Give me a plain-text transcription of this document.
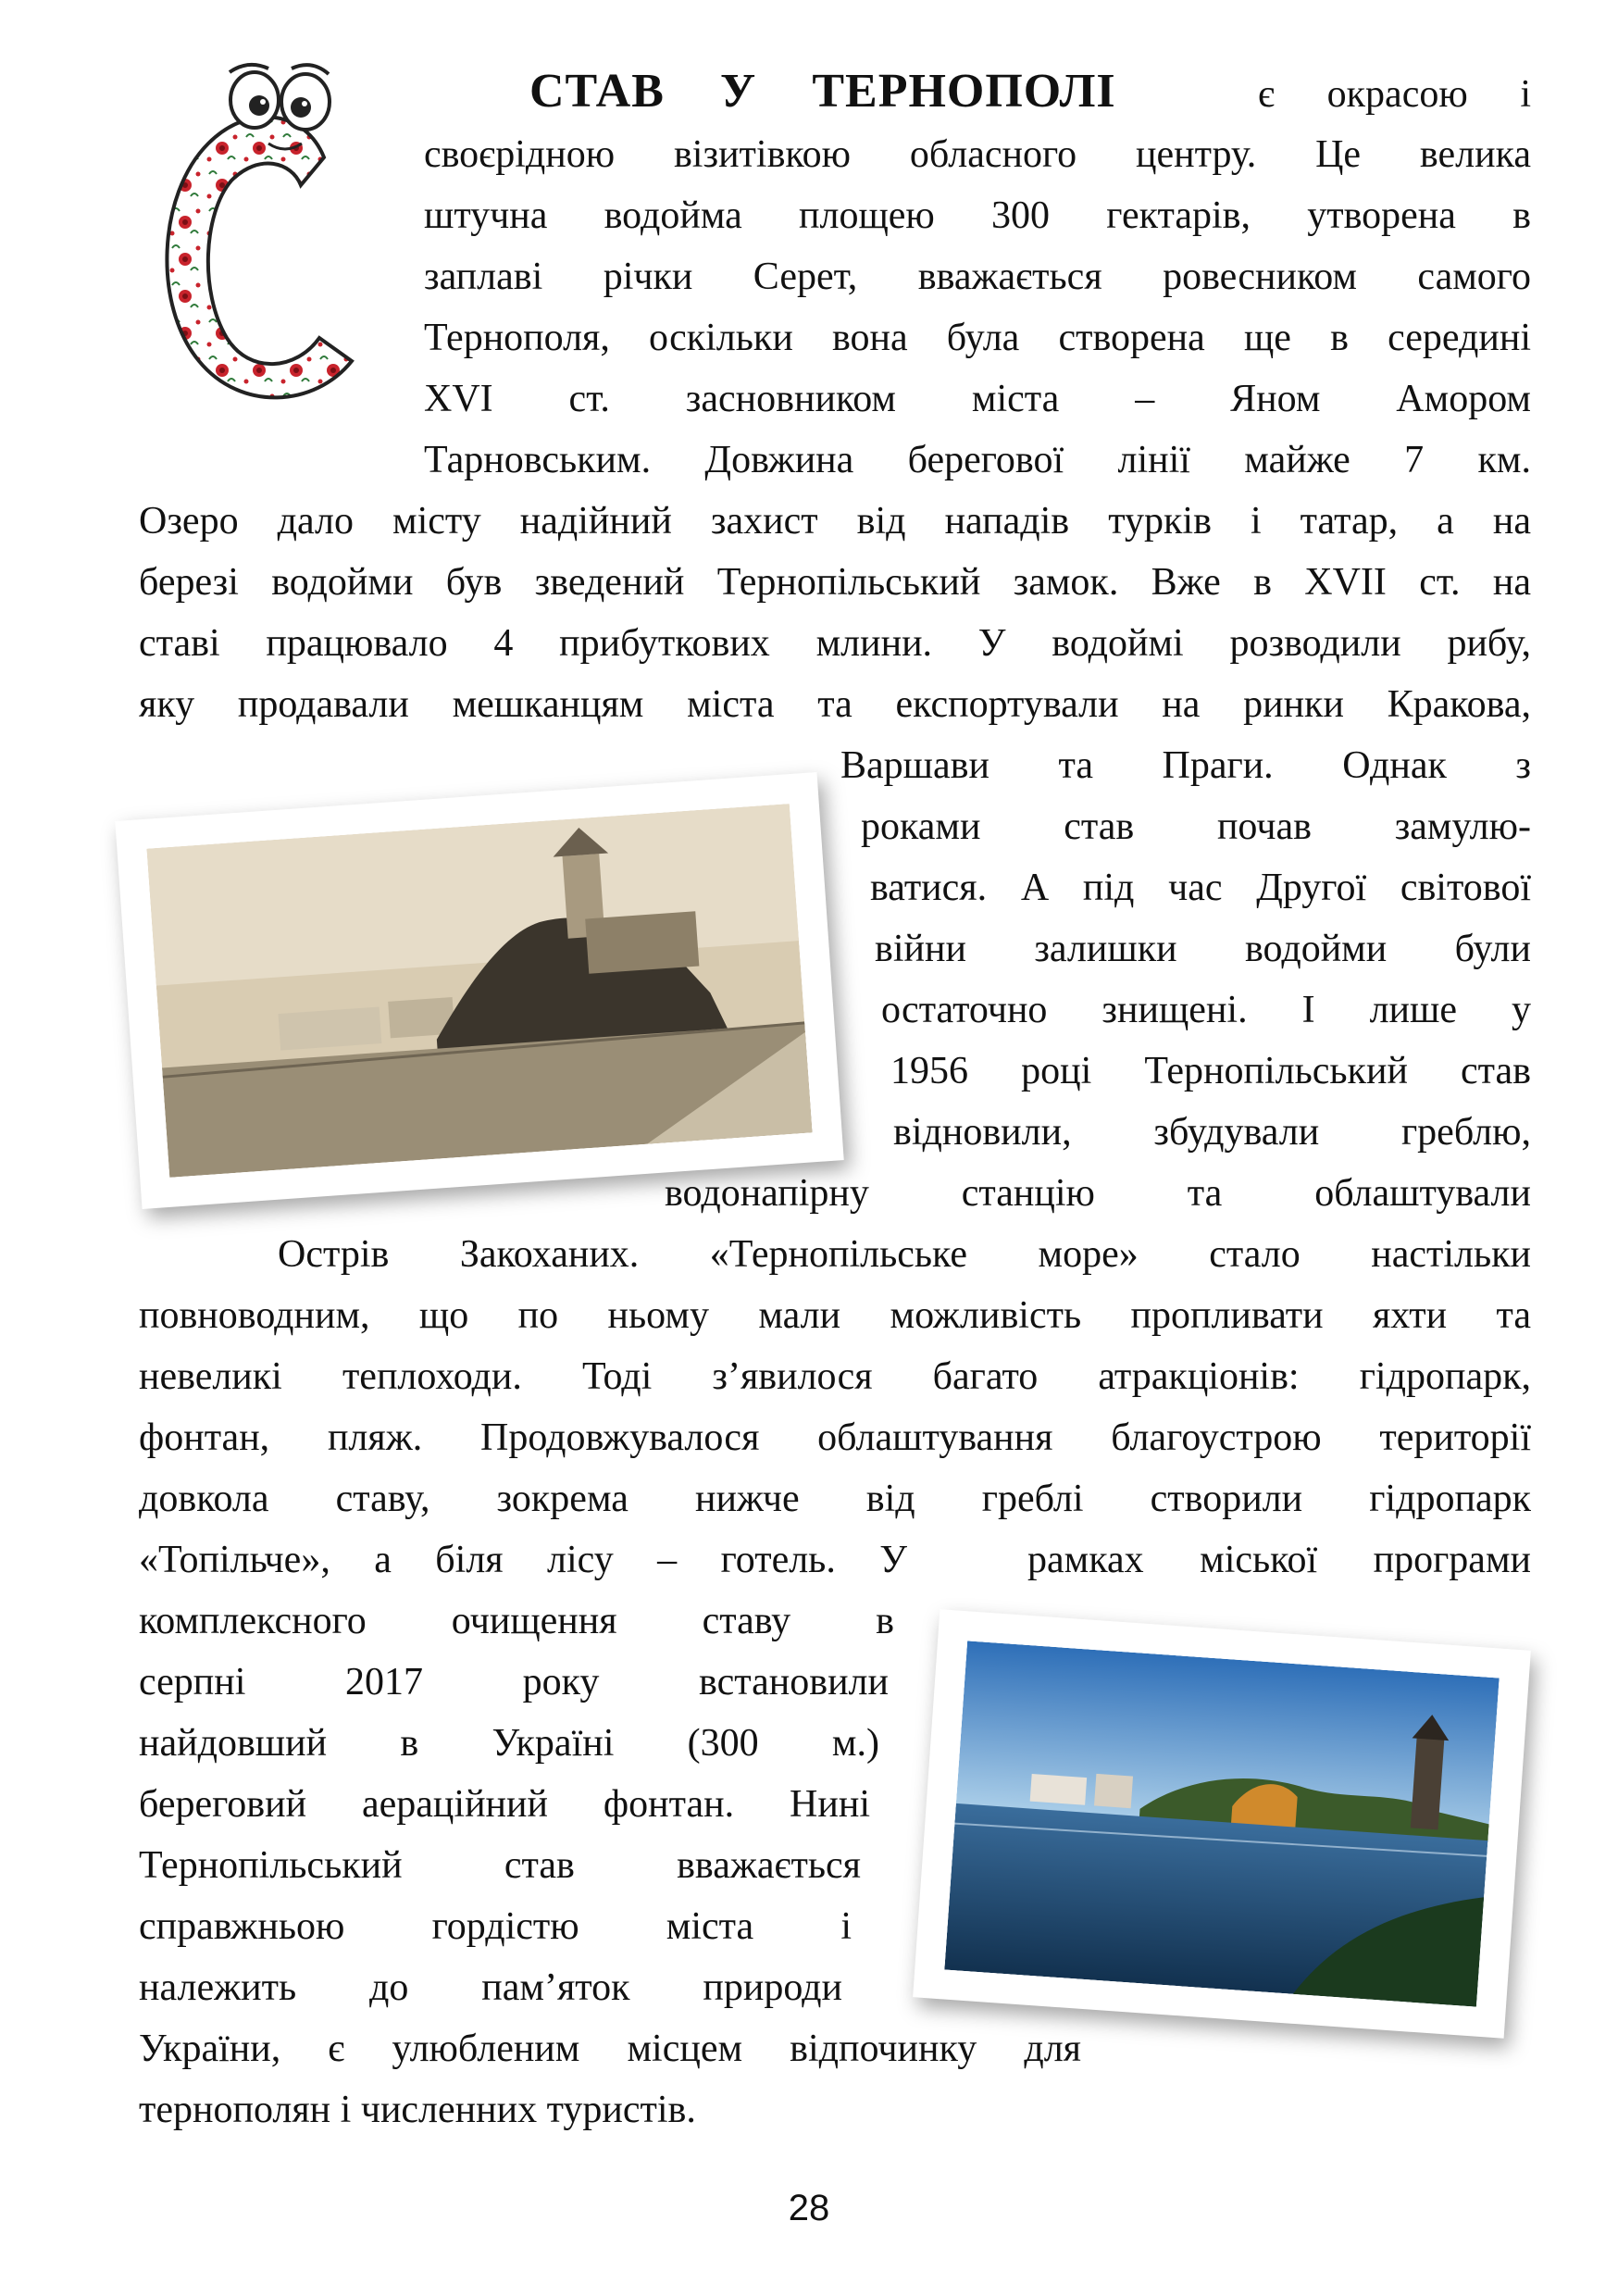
СТАВ У ТЕРНОПОЛІ	є окрасою і
своєрідною візитівкою обласного центру. Це велика
штучна водойма площею 300 гектарів, утворена в
заплаві річки Серет, вважається ровесником самого
Тернополя, оскільки вона була створена ще в середині
XVI ст. засновником міста – Яном Амором
Тарновським. Довжина берегової лінії майже 7 км.
Озеро дало місту надійний захист від нападів турків і татар, а на
березі водойми був зведений Тернопільський замок. Вже в XVII ст. на
ставі працювало 4 прибуткових млини. У водоймі розводили рибу,
яку продавали мешканцям міста та експортували на ринки Кракова,
Варшави та Праги. Однак з
роками став почав замулю-
ватися. А під час Другої світової
війни залишки водойми були
остаточно знищені. І лише у
1956 році Тернопільський став
відновили, збудували греблю,
водонапірну станцію та облаштували
Острів Закоханих. «Тернопільське море» стало настільки
повноводним, що по ньому мали можливість пропливати яхти та
невеликі теплоходи. Тоді з’явилося багато атракціонів: гідропарк,
фонтан, пляж. Продовжувалося облаштування благоустрою території
довкола ставу, зокрема нижче від греблі створили гідропарк
«Топільче», а біля лісу – готель. У	рамках міської програми
комплексного очищення ставу в
серпні 2017 року встановили
найдовший в Україні (300 м.)
береговий аераційний фонтан. Нині
Тернопільський став вважається
справжньою гордістю міста і
належить до пам’яток природи
України, є улюбленим місцем відпочинку для
тернополян і численних туристів.
28
